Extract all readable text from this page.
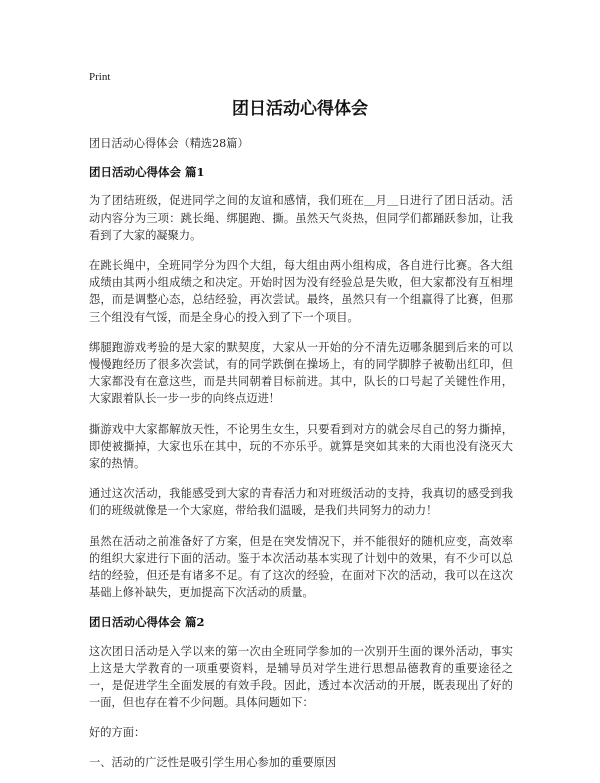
Print
团日活动心得体会
团日活动心得体会（精选28篇）
团日活动心得体会 篇1

为了团结班级，促进同学之间的友谊和感情，我们班在＿月＿日进行了团日活动。活动内容分为三项：跳长绳、绑腿跑、撕。虽然天气炎热，但同学们都踊跃参加，让我看到了大家的凝聚力。

在跳长绳中，全班同学分为四个大组，每大组由两小组构成，各自进行比赛。各大组成绩由其两小组成绩之和决定。开始时因为没有经验总是失败，但大家都没有互相埋怨，而是调整心态，总结经验，再次尝试。最终，虽然只有一个组赢得了比赛，但那三个组没有气馁，而是全身心的投入到了下一个项目。

绑腿跑游戏考验的是大家的默契度，大家从一开始的分不清先迈哪条腿到后来的可以慢慢跑经历了很多次尝试，有的同学跌倒在操场上，有的同学脚脖子被勒出红印，但大家都没有在意这些，而是共同朝着目标前进。其中，队长的口号起了关键性作用，大家跟着队长一步一步的向终点迈进！

撕游戏中大家都解放天性，不论男生女生，只要看到对方的就会尽自己的努力撕掉，即使被撕掉，大家也乐在其中，玩的不亦乐乎。就算是突如其来的大雨也没有浇灭大家的热情。

通过这次活动，我能感受到大家的青春活力和对班级活动的支持，我真切的感受到我们的班级就像是一个大家庭，带给我们温暖，是我们共同努力的动力！

虽然在活动之前准备好了方案，但是在突发情况下，并不能很好的随机应变，高效率的组织大家进行下面的活动。鉴于本次活动基本实现了计划中的效果，有不少可以总结的经验，但还是有诸多不足。有了这次的经验，在面对下次的活动，我可以在这次基础上修补缺失，更加提高下次活动的质量。

团日活动心得体会 篇2

这次团日活动是入学以来的第一次由全班同学参加的一次别开生面的课外活动，事实上这是大学教育的一项重要资料，是辅导员对学生进行思想品德教育的重要途径之一，是促进学生全面发展的有效手段。因此，透过本次活动的开展，既表现出了好的一面，但也存在着不少问题。具体问题如下：

好的方面：

一、活动的广泛性是吸引学生用心参加的重要原因
